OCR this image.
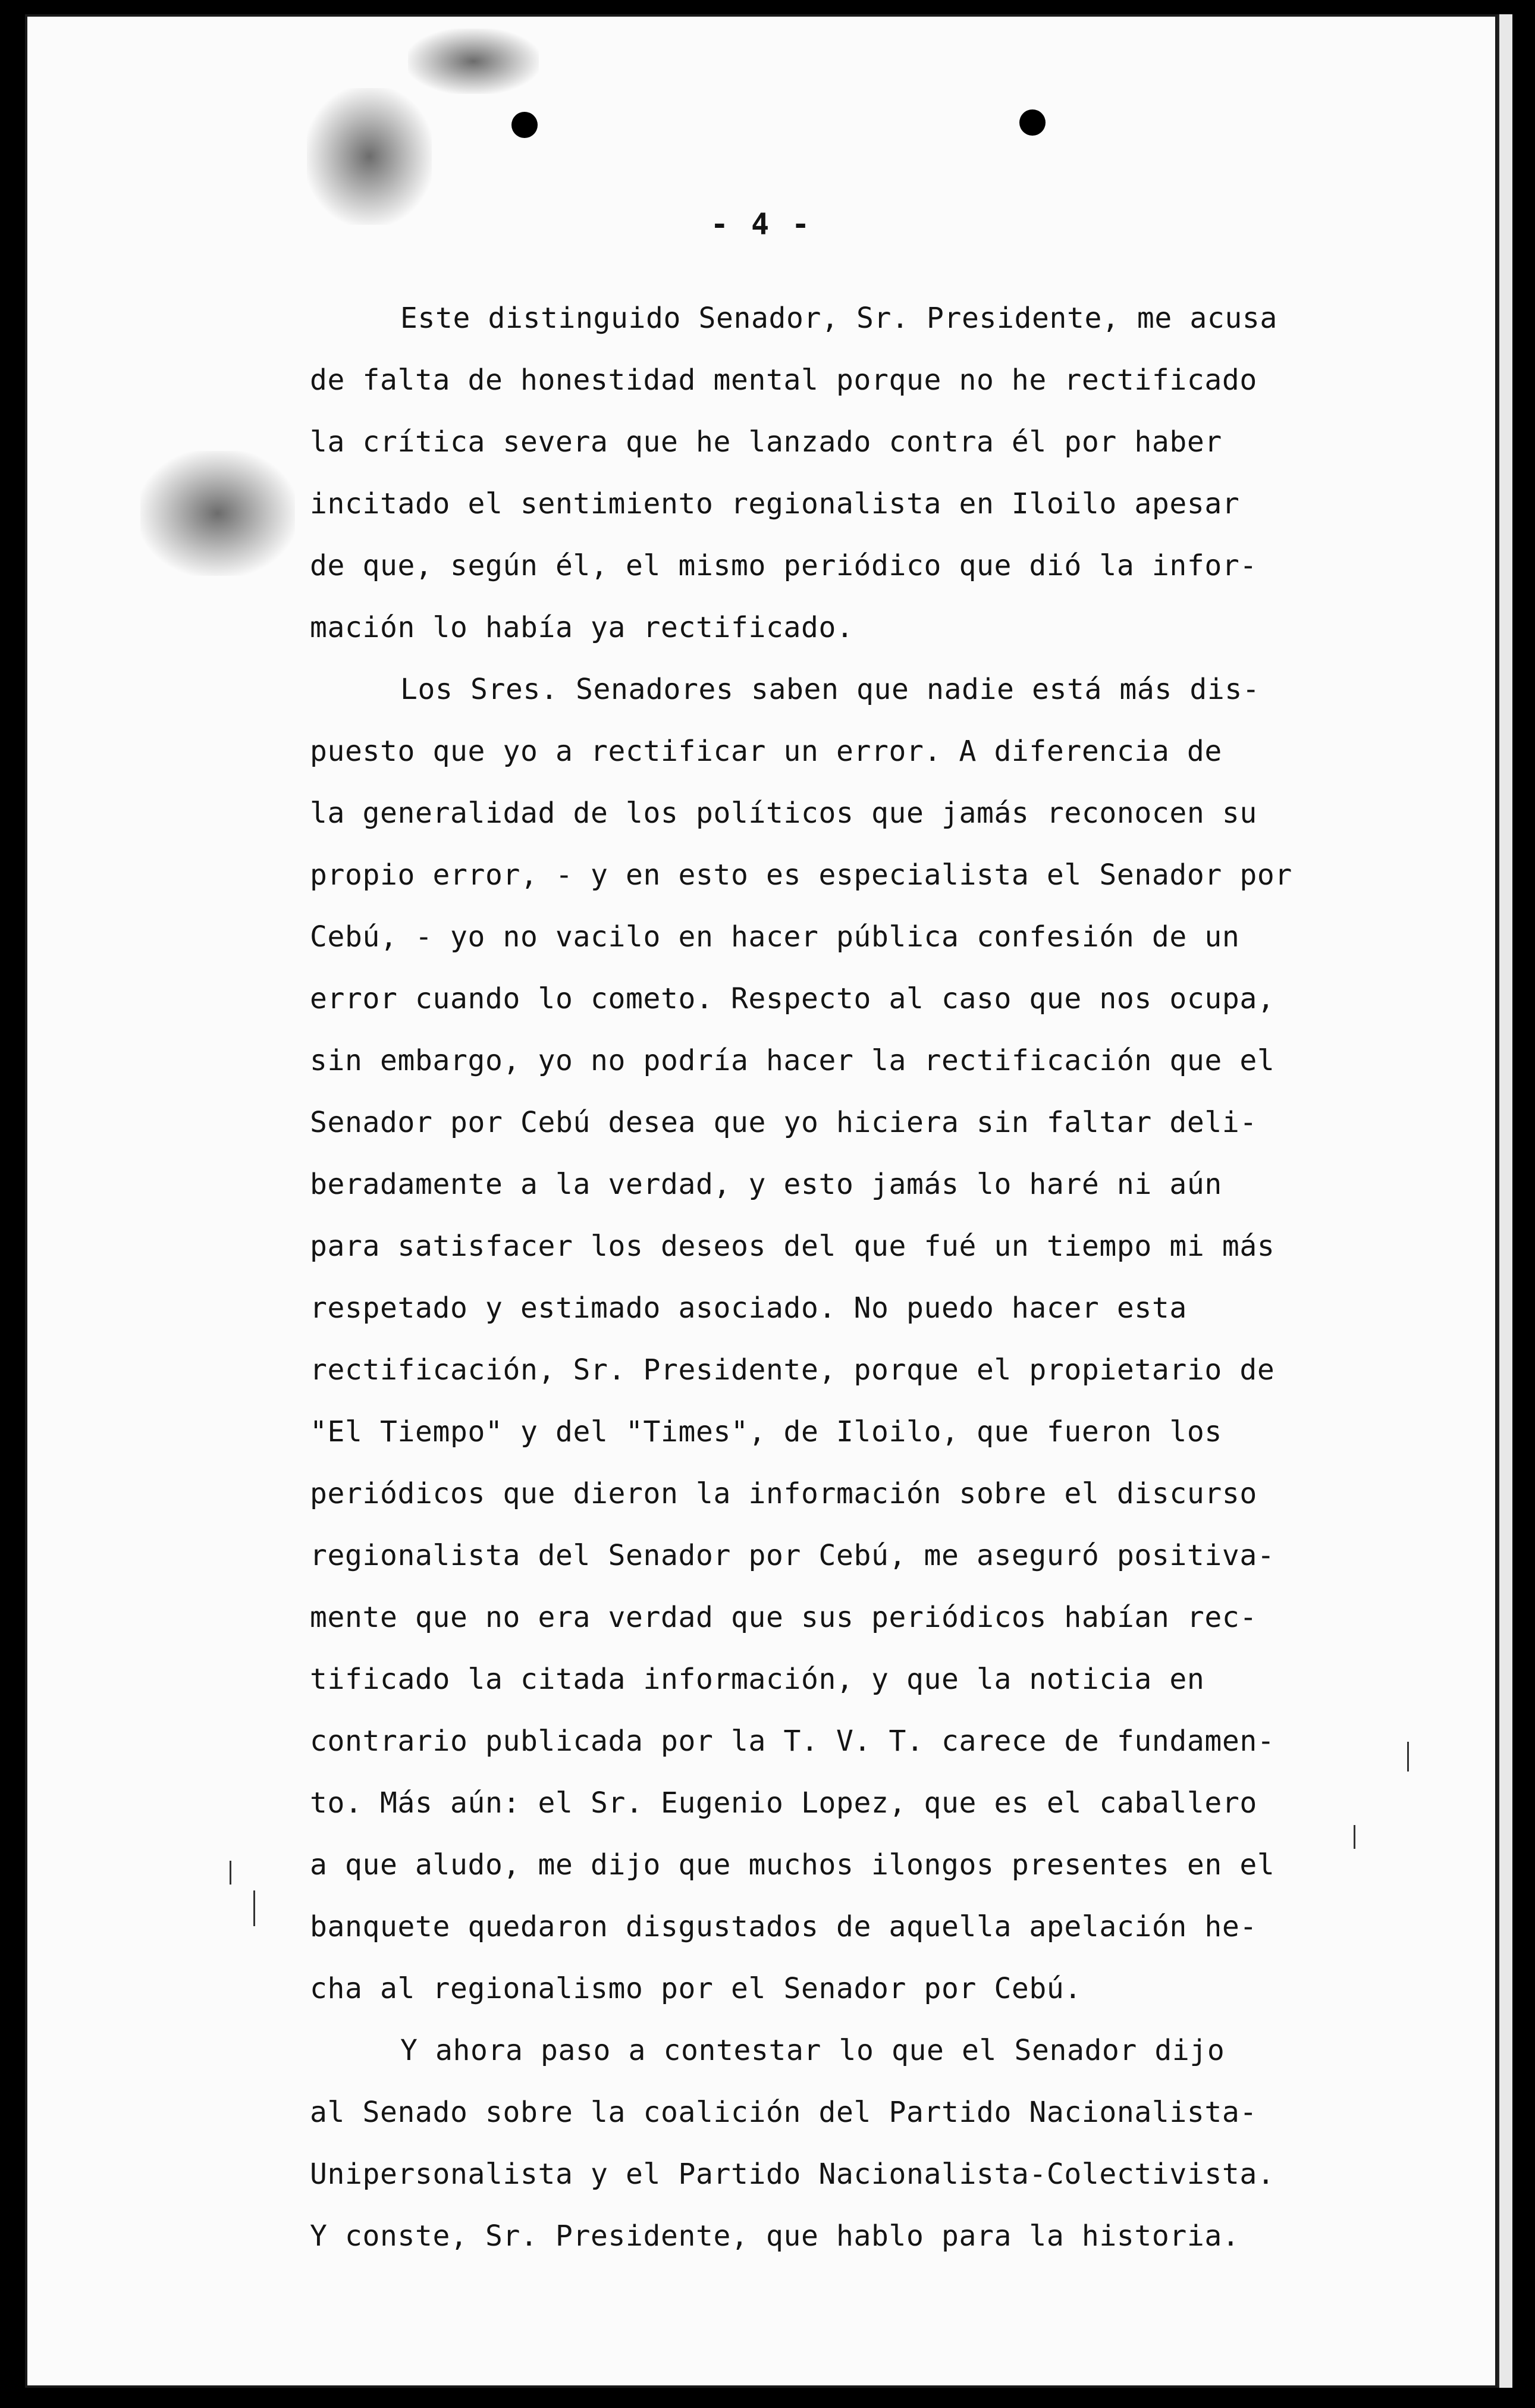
- 4 -
Este distinguido Senador, Sr. Presidente, me acusa
de falta de honestidad mental porque no he rectificado
la crítica severa que he lanzado contra él por haber
incitado el sentimiento regionalista en Iloilo apesar
de que, según él, el mismo periódico que dió la infor-
mación lo había ya rectificado.
Los Sres. Senadores saben que nadie está más dis-
puesto que yo a rectificar un error. A diferencia de
la generalidad de los políticos que jamás reconocen su
propio error, - y en esto es especialista el Senador por
Cebú, - yo no vacilo en hacer pública confesión de un
error cuando lo cometo. Respecto al caso que nos ocupa,
sin embargo, yo no podría hacer la rectificación que el
Senador por Cebú desea que yo hiciera sin faltar deli-
beradamente a la verdad, y esto jamás lo haré ni aún
para satisfacer los deseos del que fué un tiempo mi más
respetado y estimado asociado. No puedo hacer esta
rectificación, Sr. Presidente, porque el propietario de
"El Tiempo" y del "Times", de Iloilo, que fueron los
periódicos que dieron la información sobre el discurso
regionalista del Senador por Cebú, me aseguró positiva-
mente que no era verdad que sus periódicos habían rec-
tificado la citada información, y que la noticia en
contrario publicada por la T. V. T. carece de fundamen-
to. Más aún: el Sr. Eugenio Lopez, que es el caballero
a que aludo, me dijo que muchos ilongos presentes en el
banquete quedaron disgustados de aquella apelación he-
cha al regionalismo por el Senador por Cebú.
Y ahora paso a contestar lo que el Senador dijo
al Senado sobre la coalición del Partido Nacionalista-
Unipersonalista y el Partido Nacionalista-Colectivista.
Y conste, Sr. Presidente, que hablo para la historia.
